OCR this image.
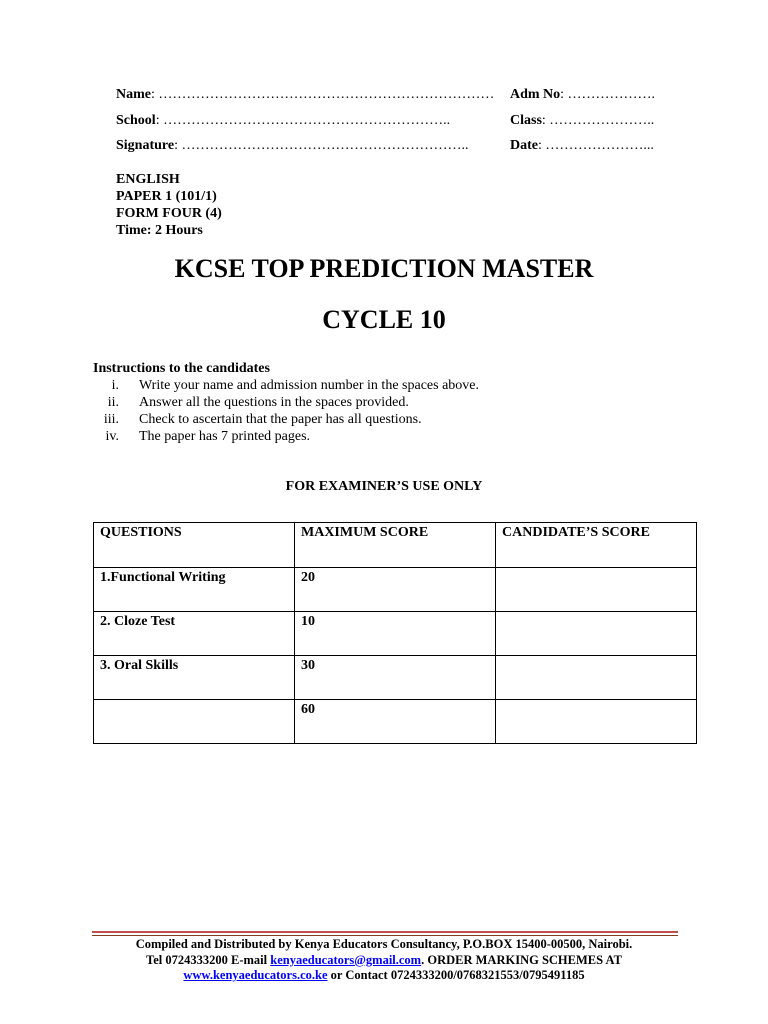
Name: ……………………………………………………………… Adm No: ……………….
School: ……………………………………………………..	Class: …………………..
Signature: ……………………………………………………..	Date: …………………...
ENGLISH
PAPER 1 (101/1)
FORM FOUR (4)
Time: 2 Hours
KCSE TOP PREDICTION MASTER
CYCLE 10
Instructions to the candidates
i. Write your name and admission number in the spaces above.
ii. Answer all the questions in the spaces provided.
iii. Check to ascertain that the paper has all questions.
iv. The paper has 7 printed pages.
FOR EXAMINER’S USE ONLY
QUESTIONS	MAXIMUM SCORE	CANDIDATE’S SCORE
1.Functional Writing	20	
2. Cloze Test	10	
3. Oral Skills	30	
	60	
Compiled and Distributed by Kenya Educators Consultancy, P.O.BOX 15400-00500, Nairobi.
Tel 0724333200 E-mail kenyaeducators@gmail.com. ORDER MARKING SCHEMES AT
www.kenyaeducators.co.ke or Contact 0724333200/0768321553/0795491185
